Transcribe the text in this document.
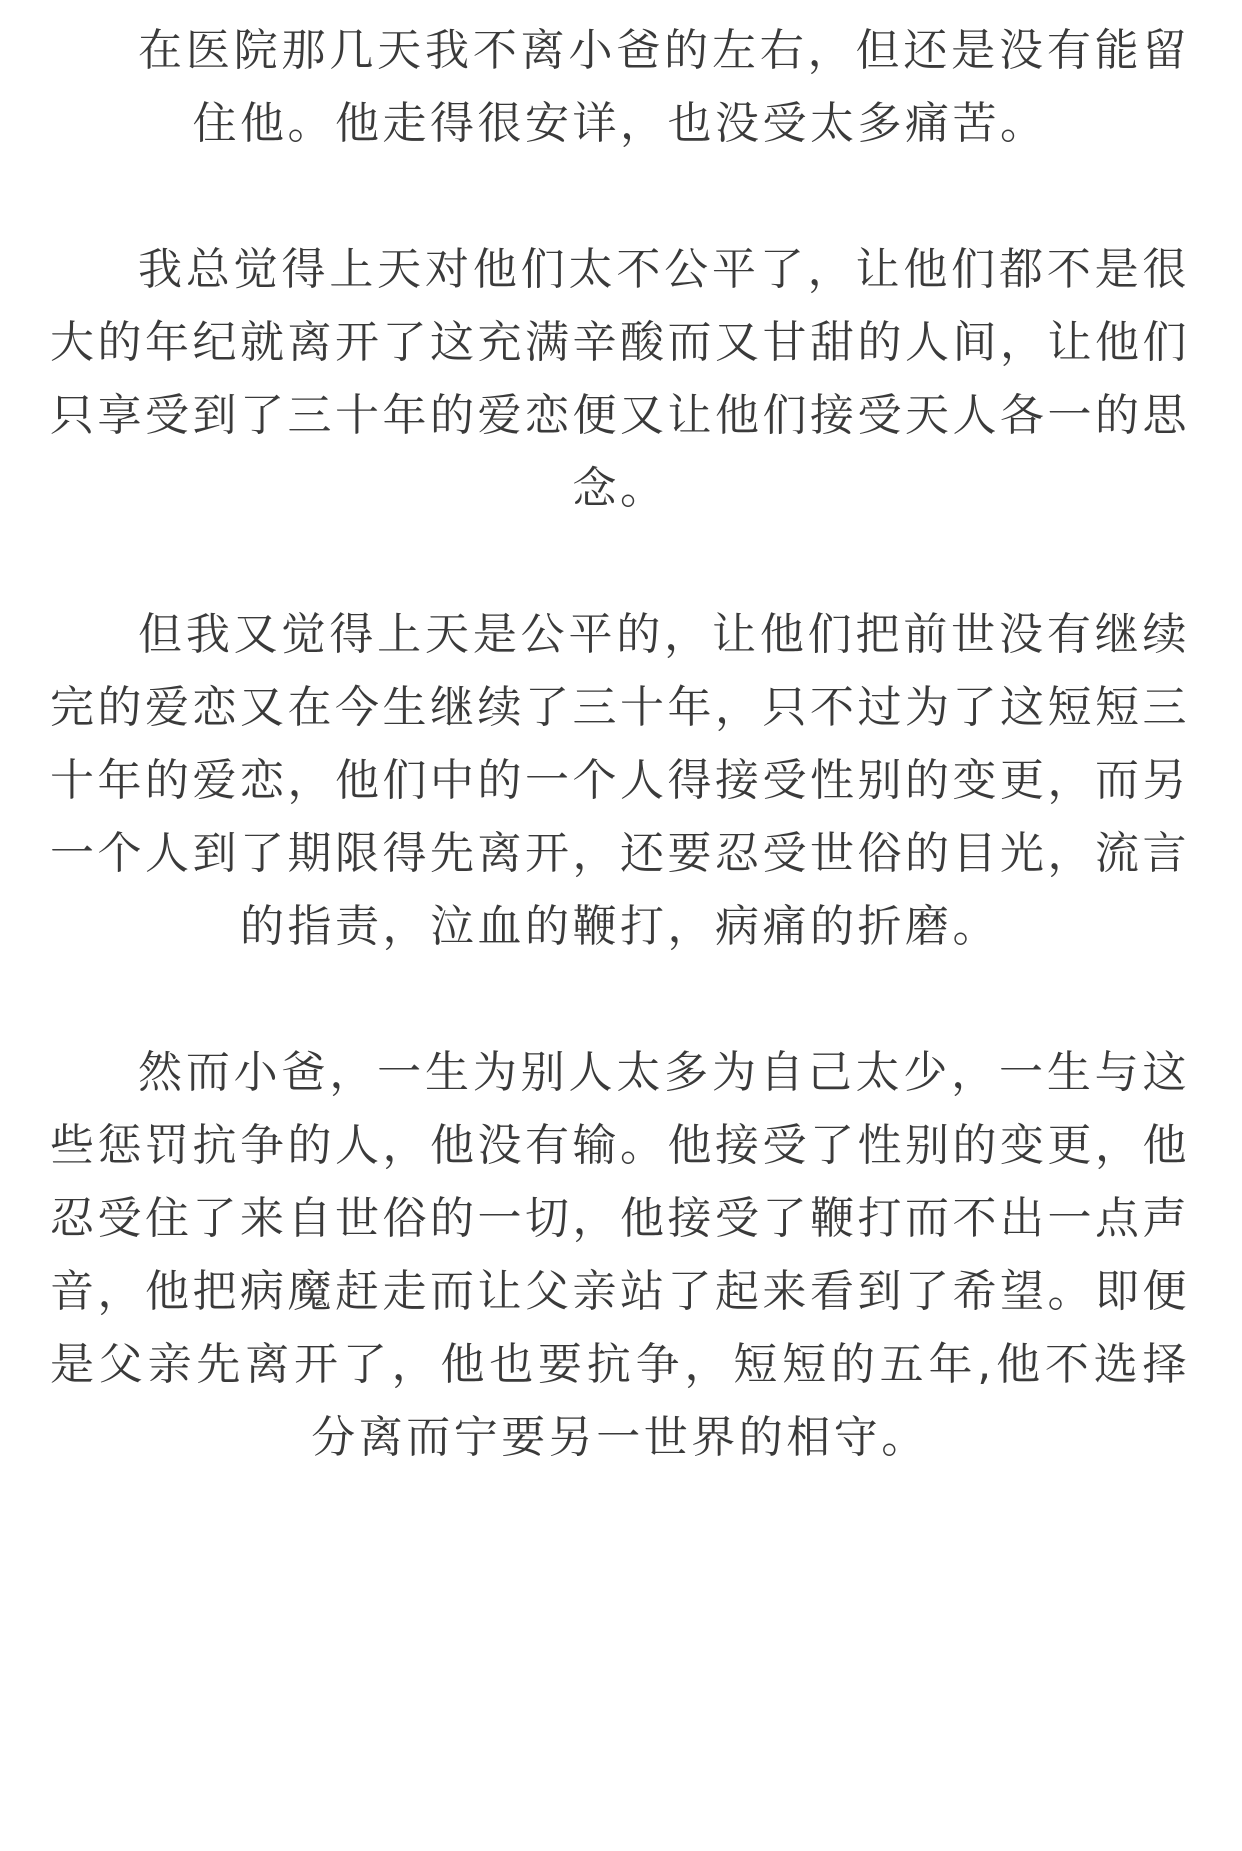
在医院那几天我不离小爸的左右，但还是没有能留住他。他走得很安详，也没受太多痛苦。

我总觉得上天对他们太不公平了，让他们都不是很大的年纪就离开了这充满辛酸而又甘甜的人间，让他们只享受到了三十年的爱恋便又让他们接受天人各一的思念。

但我又觉得上天是公平的，让他们把前世没有继续完的爱恋又在今生继续了三十年，只不过为了这短短三十年的爱恋，他们中的一个人得接受性别的变更，而另一个人到了期限得先离开，还要忍受世俗的目光，流言的指责，泣血的鞭打，病痛的折磨。

然而小爸，一生为别人太多为自己太少，一生与这些惩罚抗争的人，他没有输。他接受了性别的变更，他忍受住了来自世俗的一切，他接受了鞭打而不出一点声音，他把病魔赶走而让父亲站了起来看到了希望。即便是父亲先离开了，他也要抗争，短短的五年,他不选择分离而宁要另一世界的相守。
